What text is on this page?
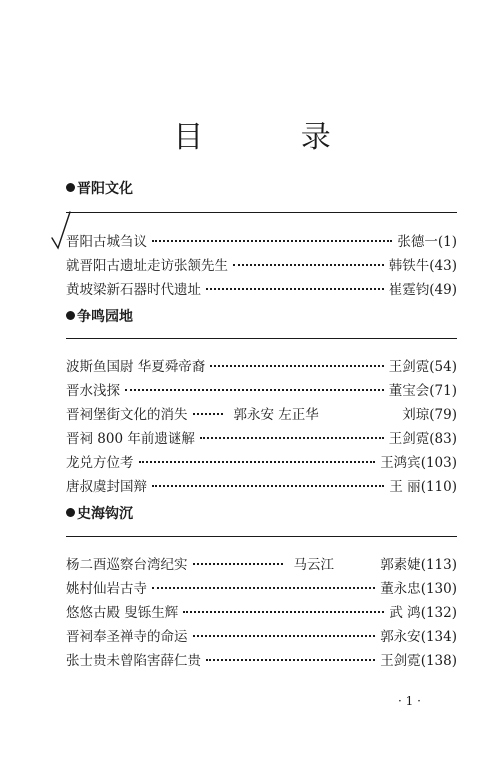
目 录
晋阳文化
晋阳古城刍议	张德一 (1)
就晋阳古遗址走访张颔先生	韩铁牛 (43)
黄坡梁新石器时代遗址	崔霆钧 (49)
争鸣园地
波斯鱼国尉 华夏舜帝裔	王剑霓 (54)
晋水浅探	董宝会 (71)
晋祠堡街文化的消失	郭永安 左正华	刘琼 (79)
晋祠 800 年前遗谜解	王剑霓 (83)
龙兑方位考	王鸿宾 (103)
唐叔虞封国辩	王 丽 (110)
史海钩沉
杨二酉巡察台湾纪实	马云江	郭素婕 (113)
姚村仙岩古寺	董永忠 (130)
悠悠古殿 叟铄生辉	武 鸿 (132)
晋祠奉圣禅寺的命运	郭永安 (134)
张士贵未曾陷害薛仁贵	王剑霓 (138)
· 1 ·
